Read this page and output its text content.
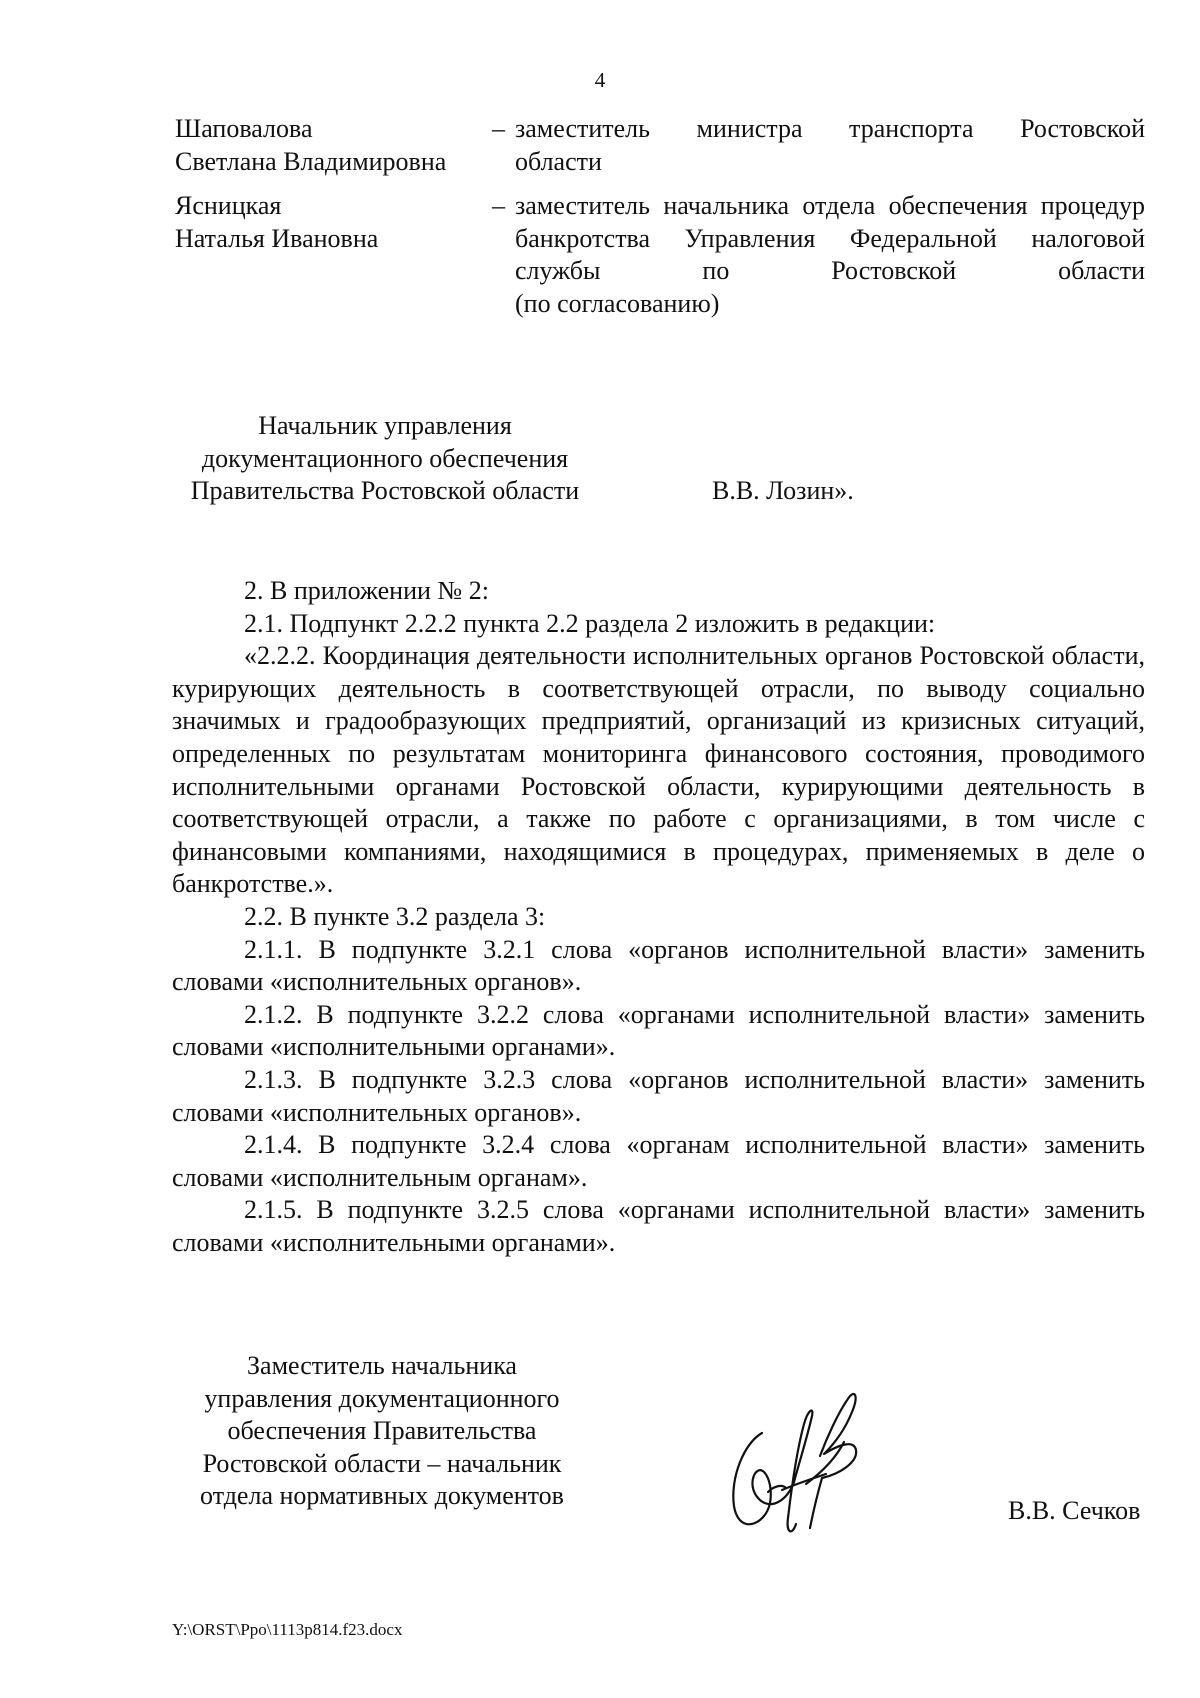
4
Шаповалова
Светлана Владимировна
– заместитель министра транспорта Ростовской
области
Ясницкая
Наталья Ивановна
– заместитель начальника отдела обеспечения процедур банкротства Управления Федеральной налоговой службы по Ростовской области
(по согласованию)
Начальник управления
документационного обеспечения
Правительства Ростовской области	В.В. Лозин».

2. В приложении № 2:

2.1. Подпункт 2.2.2 пункта 2.2 раздела 2 изложить в редакции:

«2.2.2. Координация деятельности исполнительных органов Ростовской области, курирующих деятельность в соответствующей отрасли, по выводу социально значимых и градообразующих предприятий, организаций из кризисных ситуаций, определенных по результатам мониторинга финансового состояния, проводимого исполнительными органами Ростовской области, курирующими деятельность в соответствующей отрасли, а также по работе с организациями, в том числе с финансовыми компаниями, находящимися в процедурах, применяемых в деле о банкротстве.».

2.2. В пункте 3.2 раздела 3:

2.1.1. В подпункте 3.2.1 слова «органов исполнительной власти» заменить словами «исполнительных органов».

2.1.2. В подпункте 3.2.2 слова «органами исполнительной власти» заменить словами «исполнительными органами».

2.1.3. В подпункте 3.2.3 слова «органов исполнительной власти» заменить словами «исполнительных органов».

2.1.4. В подпункте 3.2.4 слова «органам исполнительной власти» заменить словами «исполнительным органам».

2.1.5. В подпункте 3.2.5 слова «органами исполнительной власти» заменить словами «исполнительными органами».

Заместитель начальника
управления документационного
обеспечения Правительства
Ростовской области – начальник
отдела нормативных документов
В.В. Сечков
Y:\ORST\Ppo\1113p814.f23.docx
